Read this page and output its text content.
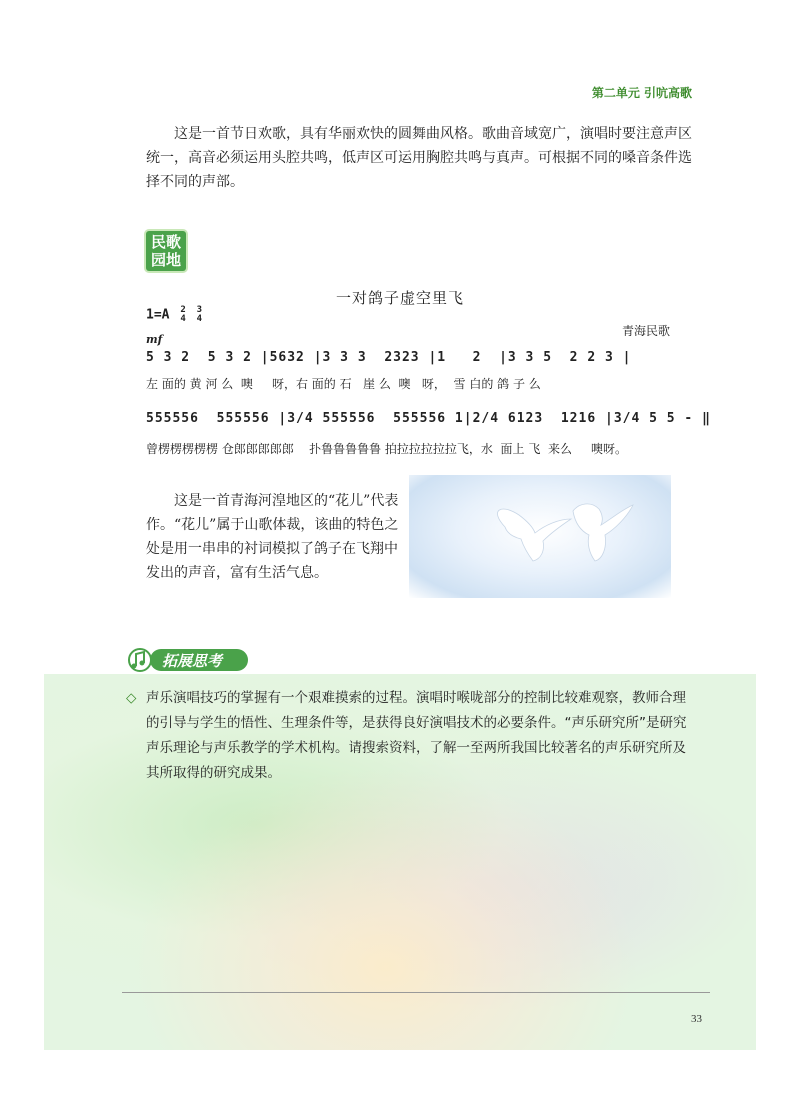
第二单元 引吭高歌

这是一首节日欢歌，具有华丽欢快的圆舞曲风格。歌曲音域宽广，演唱时要注意声区统一，高音必须运用头腔共鸣，低声区可运用胸腔共鸣与真声。可根据不同的嗓音条件选择不同的声部。

民歌
园地
一对鸽子虚空里飞
1=A 2
4 3
4
青海民歌
mf
5 3 2  5 3 2 |5632 |3 3 3  2323 |1   2  |3 3 5  2 2 3 |
左 面的 黄 河 么  噢     呀，右 面的 石   崖 么  噢   呀，  雪 白的 鸽 子 么
555556  555556 |3/4 555556  555556 1|2/4 6123  1216 |3/4 5 5 - ‖
曾楞楞楞楞楞 仓郎郎郎郎郎    扑鲁鲁鲁鲁鲁 拍拉拉拉拉拉飞，水  面上 飞  来么     噢呀。

这是一首青海河湟地区的“花儿”代表作。“花儿”属于山歌体裁，该曲的特色之处是用一串串的衬词模拟了鸽子在飞翔中发出的声音，富有生活气息。

拓展思考
◇ 声乐演唱技巧的掌握有一个艰难摸索的过程。演唱时喉咙部分的控制比较难观察，教师合理的引导与学生的悟性、生理条件等，是获得良好演唱技术的必要条件。“声乐研究所”是研究声乐理论与声乐教学的学术机构。请搜索资料，了解一至两所我国比较著名的声乐研究所及其所取得的研究成果。
33
